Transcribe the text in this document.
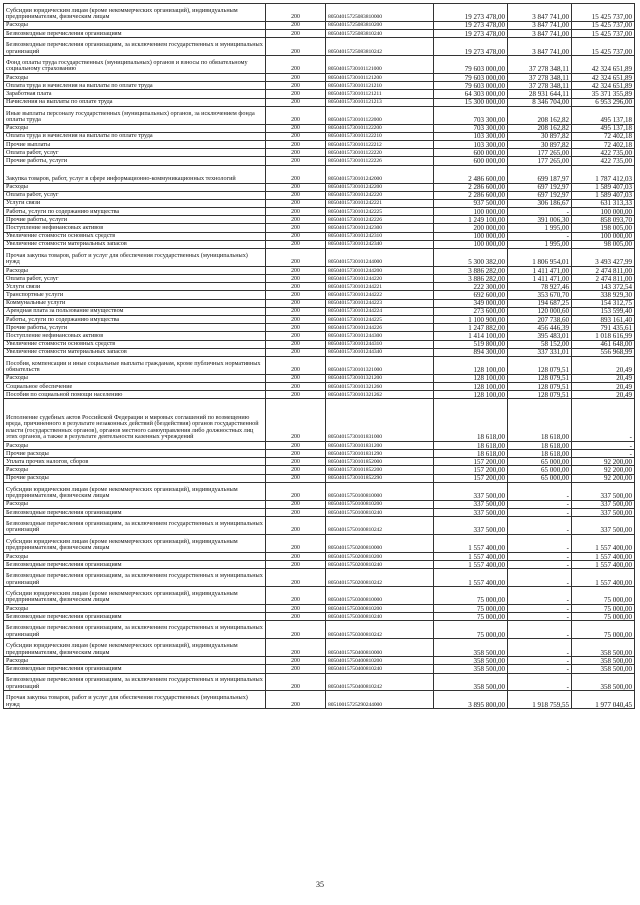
Субсидии юридическим лицам (кроме некоммерческих организаций), индивидуальным предпринимателям, физическим лицам	200	80504015725083810000	19 273 478,00	3 847 741,00	15 425 737,00
Расходы	200	80504015725083810200	19 273 478,00	3 847 741,00	15 425 737,00
Безвозмездные перечисления организациям	200	80504015725083810240	19 273 478,00	3 847 741,00	15 425 737,00
Безвозмездные перечисления организациям, за исключением государственных и муниципальных организаций	200	80504015725083810242	19 273 478,00	3 847 741,00	15 425 737,00
Фонд оплаты труда государственных (муниципальных) органов и взносы по обязательному социальному страхованию	200	80504015730101121000	79 603 000,00	37 278 348,11	42 324 651,89
Расходы	200	80504015730101121200	79 603 000,00	37 278 348,11	42 324 651,89
Оплата труда и начисления на выплаты по оплате труда	200	80504015730101121210	79 603 000,00	37 278 348,11	42 324 651,89
Заработная плата	200	80504015730101121211	64 303 000,00	28 931 644,11	35 371 355,89
Начисления на выплаты по оплате труда	200	80504015730101121213	15 300 000,00	8 346 704,00	6 953 296,00
Иные выплаты персоналу государственных (муниципальных) органов, за исключением фонда оплаты труда	200	80504015730101122000	703 300,00	208 162,82	495 137,18
Расходы	200	80504015730101122200	703 300,00	208 162,82	495 137,18
Оплата труда и начисления на выплаты по оплате труда	200	80504015730101122210	103 300,00	30 897,82	72 402,18
Прочие выплаты	200	80504015730101122212	103 300,00	30 897,82	72 402,18
Оплата работ, услуг	200	80504015730101122220	600 000,00	177 265,00	422 735,00
Прочие работы, услуги	200	80504015730101122226	600 000,00	177 265,00	422 735,00
Закупка товаров, работ, услуг в сфере информационно-коммуникационных технологий	200	80504015730101242000	2 486 600,00	699 187,97	1 787 412,03
Расходы	200	80504015730101242200	2 286 600,00	697 192,97	1 589 407,03
Оплата работ, услуг	200	80504015730101242220	2 286 600,00	697 192,97	1 589 407,03
Услуги связи	200	80504015730101242221	937 500,00	306 186,67	631 313,33
Работы, услуги по содержанию имущества	200	80504015730101242225	100 000,00	-	100 000,00
Прочие работы, услуги	200	80504015730101242226	1 249 100,00	391 006,30	858 093,70
Поступление нефинансовых активов	200	80504015730101242300	200 000,00	1 995,00	198 005,00
Увеличение стоимости основных средств	200	80504015730101242310	100 000,00	-	100 000,00
Увеличение стоимости материальных запасов	200	80504015730101242340	100 000,00	1 995,00	98 005,00
Прочая закупка товаров, работ и услуг для обеспечения государственных (муниципальных) нужд	200	80504015730101244000	5 300 382,00	1 806 954,01	3 493 427,99
Расходы	200	80504015730101244200	3 886 282,00	1 411 471,00	2 474 811,00
Оплата работ, услуг	200	80504015730101244220	3 886 282,00	1 411 471,00	2 474 811,00
Услуги связи	200	80504015730101244221	222 300,00	78 927,46	143 372,54
Транспортные услуги	200	80504015730101244222	692 600,00	353 670,70	338 929,30
Коммунальные услуги	200	80504015730101244223	349 000,00	194 687,25	154 312,75
Арендная плата за пользование имуществом	200	80504015730101244224	273 600,00	120 000,60	153 599,40
Работы, услуги по содержанию имущества	200	80504015730101244225	1 100 900,00	207 738,60	893 161,40
Прочие работы, услуги	200	80504015730101244226	1 247 882,00	456 446,39	791 435,61
Поступление нефинансовых активов	200	80504015730101244300	1 414 100,00	395 483,01	1 018 616,99
Увеличение стоимости основных средств	200	80504015730101244310	519 800,00	58 152,00	461 648,00
Увеличение стоимости материальных запасов	200	80504015730101244340	894 300,00	337 331,01	556 968,99
Пособия, компенсации и иные социальные выплаты гражданам, кроме публичных нормативных обязательств	200	80504015730101321000	128 100,00	128 079,51	20,49
Расходы	200	80504015730101321200	128 100,00	128 079,51	20,49
Социальное обеспечение	200	80504015730101321260	128 100,00	128 079,51	20,49
Пособия по социальной помощи населению	200	80504015730101321262	128 100,00	128 079,51	20,49
Исполнение судебных актов Российской Федерации и мировых соглашений по возмещению вреда, причиненного в результате незаконных действий (бездействия) органов государственной власти (государственных органов), органов местного самоуправления либо должностных лиц этих органов, а также в результате деятельности казенных учреждений	200	80504015730101831000	18 618,00	18 618,00	-
Расходы	200	80504015730101831200	18 618,00	18 618,00	-
Прочие расходы	200	80504015730101831290	18 618,00	18 618,00	-
Уплата прочих налогов, сборов	200	80504015730101852000	157 200,00	65 000,00	92 200,00
Расходы	200	80504015730101852200	157 200,00	65 000,00	92 200,00
Прочие расходы	200	80504015730101852290	157 200,00	65 000,00	92 200,00
Субсидии юридическим лицам (кроме некоммерческих организаций), индивидуальным предпринимателям, физическим лицам	200	80504015750100810000	337 500,00	-	337 500,00
Расходы	200	80504015750100810200	337 500,00	-	337 500,00
Безвозмездные перечисления организациям	200	80504015750100810240	337 500,00	-	337 500,00
Безвозмездные перечисления организациям, за исключением государственных и муниципальных организаций	200	80504015750100810242	337 500,00	-	337 500,00
Субсидии юридическим лицам (кроме некоммерческих организаций), индивидуальным предпринимателям, физическим лицам	200	80504015750200810000	1 557 400,00	-	1 557 400,00
Расходы	200	80504015750200810200	1 557 400,00	-	1 557 400,00
Безвозмездные перечисления организациям	200	80504015750200810240	1 557 400,00	-	1 557 400,00
Безвозмездные перечисления организациям, за исключением государственных и муниципальных организаций	200	80504015750200810242	1 557 400,00	-	1 557 400,00
Субсидии юридическим лицам (кроме некоммерческих организаций), индивидуальным предпринимателям, физическим лицам	200	80504015750300810000	75 000,00	-	75 000,00
Расходы	200	80504015750300810200	75 000,00	-	75 000,00
Безвозмездные перечисления организациям	200	80504015750300810240	75 000,00	-	75 000,00
Безвозмездные перечисления организациям, за исключением государственных и муниципальных организаций	200	80504015750300810242	75 000,00	-	75 000,00
Субсидии юридическим лицам (кроме некоммерческих организаций), индивидуальным предпринимателям, физическим лицам	200	80504015750400810000	358 500,00	-	358 500,00
Расходы	200	80504015750400810200	358 500,00	-	358 500,00
Безвозмездные перечисления организациям	200	80504015750400810240	358 500,00	-	358 500,00
Безвозмездные перечисления организациям, за исключением государственных и муниципальных организаций	200	80504015750400810242	358 500,00	-	358 500,00
Прочая закупка товаров, работ и услуг для обеспечения государственных (муниципальных) нужд	200	80510015725290244000	3 895 800,00	1 918 759,55	1 977 040,45
35
